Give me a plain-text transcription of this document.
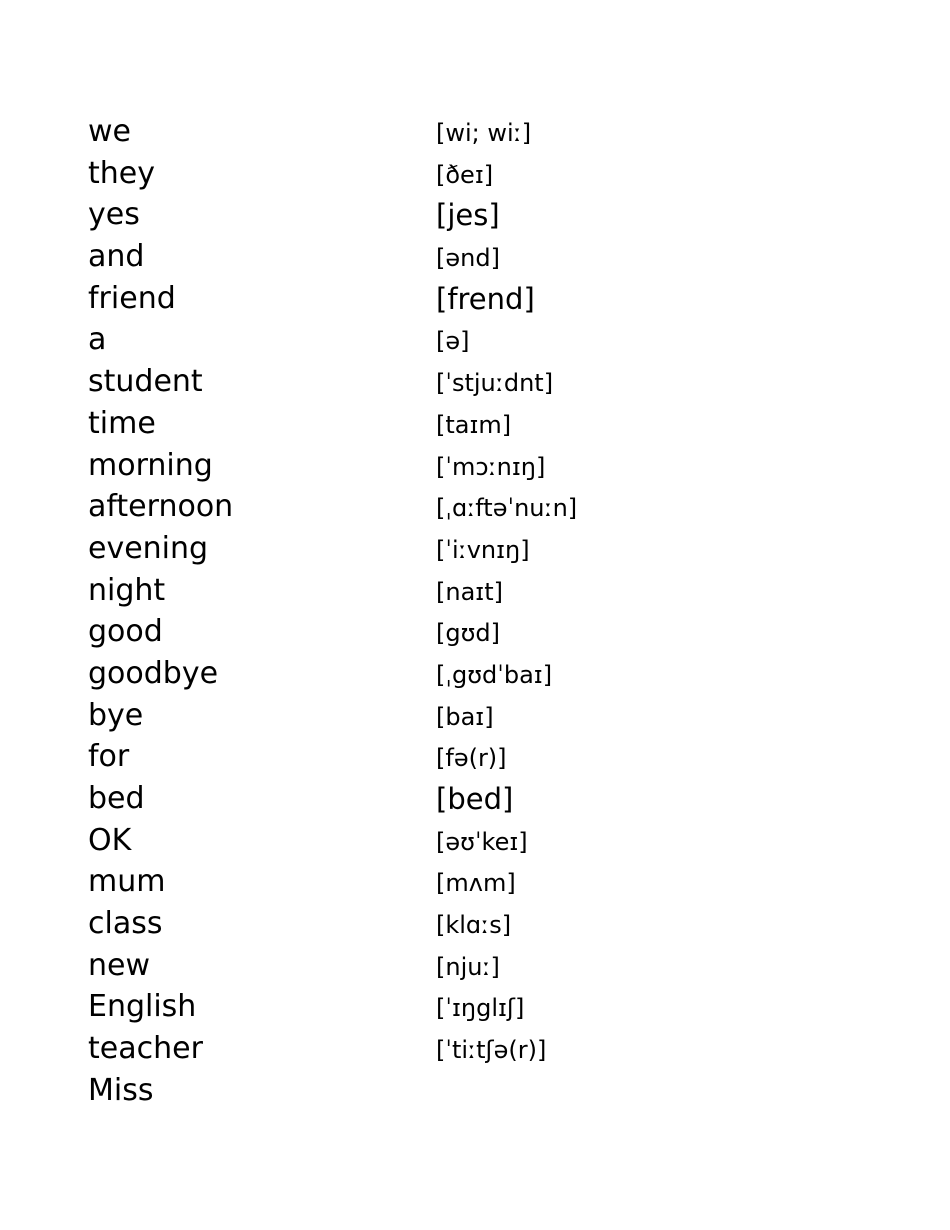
we	[wi; wiː]
they	[ðeɪ]
yes	[jes]
and	[ənd]
friend	[frend]
a	[ə]
student	[ˈstjuːdnt]
time	[taɪm]
morning	[ˈmɔːnɪŋ]
afternoon	[ˌɑːftəˈnuːn]
evening	[ˈiːvnɪŋ]
night	[naɪt]
good	[gʊd]
goodbye	[ˌgʊdˈbaɪ]
bye	[baɪ]
for	[fə(r)]
bed	[bed]
OK	[əʊˈkeɪ]
mum	[mʌm]
class	[klɑːs]
new	[njuː]
English	[ˈɪŋglɪʃ]
teacher	[ˈtiːtʃə(r)]
Miss
